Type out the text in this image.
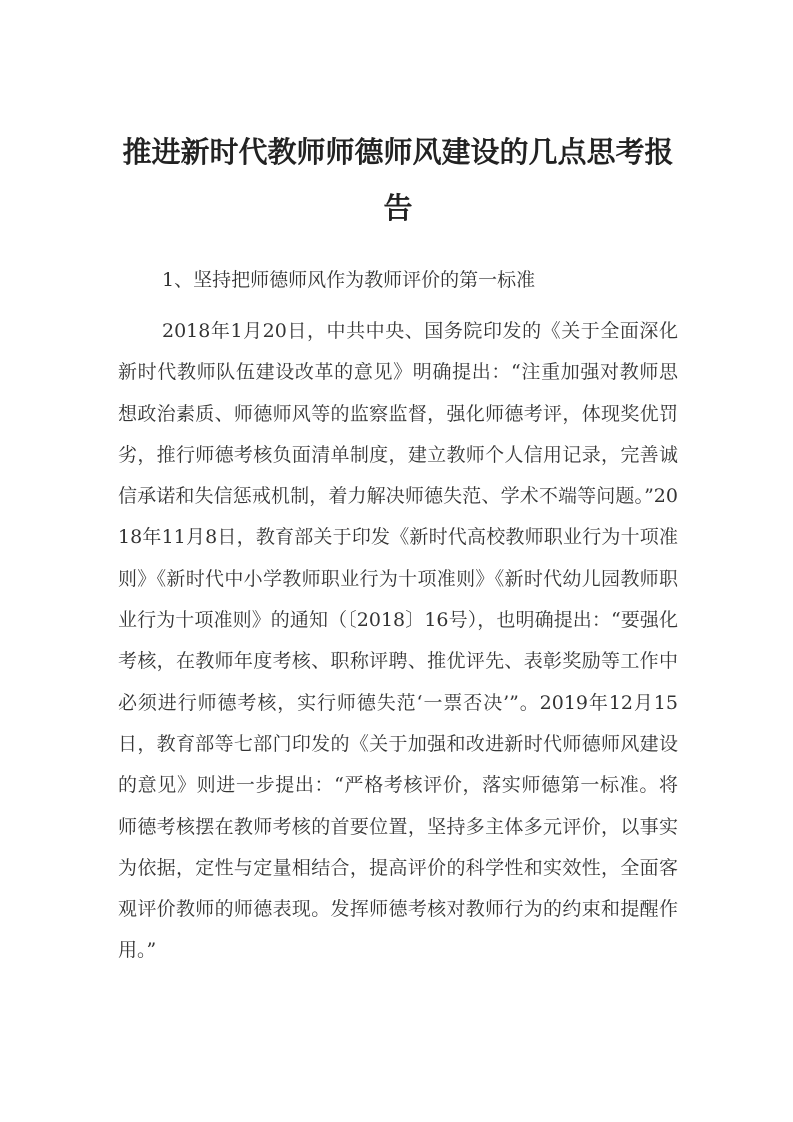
推进新时代教师师德师风建设的几点思考报告

1、坚持把师德师风作为教师评价的第一标准

2018年1月20日，中共中央、国务院印发的《关于全面深化新时代教师队伍建设改革的意见》明确提出：“注重加强对教师思想政治素质、师德师风等的监察监督，强化师德考评，体现奖优罚劣，推行师德考核负面清单制度，建立教师个人信用记录，完善诚信承诺和失信惩戒机制，着力解决师德失范、学术不端等问题。”2018年11月8日，教育部关于印发《新时代高校教师职业行为十项准则》《新时代中小学教师职业行为十项准则》《新时代幼儿园教师职业行为十项准则》的通知（〔2018〕16号），也明确提出：“要强化考核，在教师年度考核、职称评聘、推优评先、表彰奖励等工作中必须进行师德考核，实行师德失范‘一票否决’”。2019年12月15日，教育部等七部门印发的《关于加强和改进新时代师德师风建设的意见》则进一步提出：“严格考核评价，落实师德第一标准。将师德考核摆在教师考核的首要位置，坚持多主体多元评价，以事实为依据，定性与定量相结合，提高评价的科学性和实效性，全面客观评价教师的师德表现。发挥师德考核对教师行为的约束和提醒作用。”
